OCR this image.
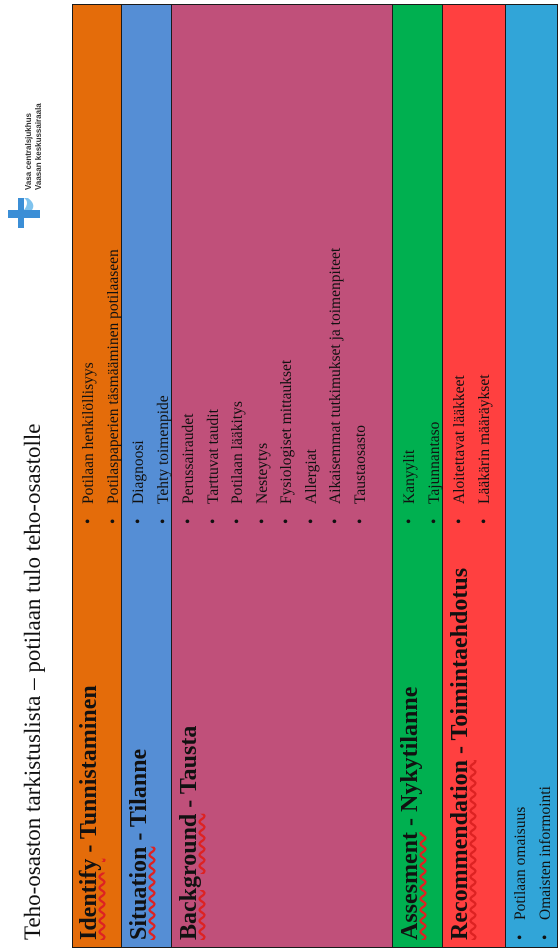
Teho-osaston tarkistuslista – potilaan tulo teho-osastolle
Vasa centralsjukhus Vaasan keskussairaala
Identify - Tunnistaminen
• Potilaan henkilöllisyys • Potilaspaperien täsmääminen potilaaseen
Situation - Tilanne
• Diagnoosi • Tehty toimenpide
Background - Tausta
• Perussairaudet • Tarttuvat taudit • Potilaan lääkitys • Nesteytys • Fysiologiset mittaukset • Allergiat • Aikaisemmat tutkimukset ja toimenpiteet • Taustaosasto
Assesment - Nykytilanne
• Kanyylit • Tajunnantaso
Recommendation - Toimintaehdotus
• Aloitettavat lääkkeet • Lääkärin määräykset
• Potilaan omaisuus • Omaisten informointi
